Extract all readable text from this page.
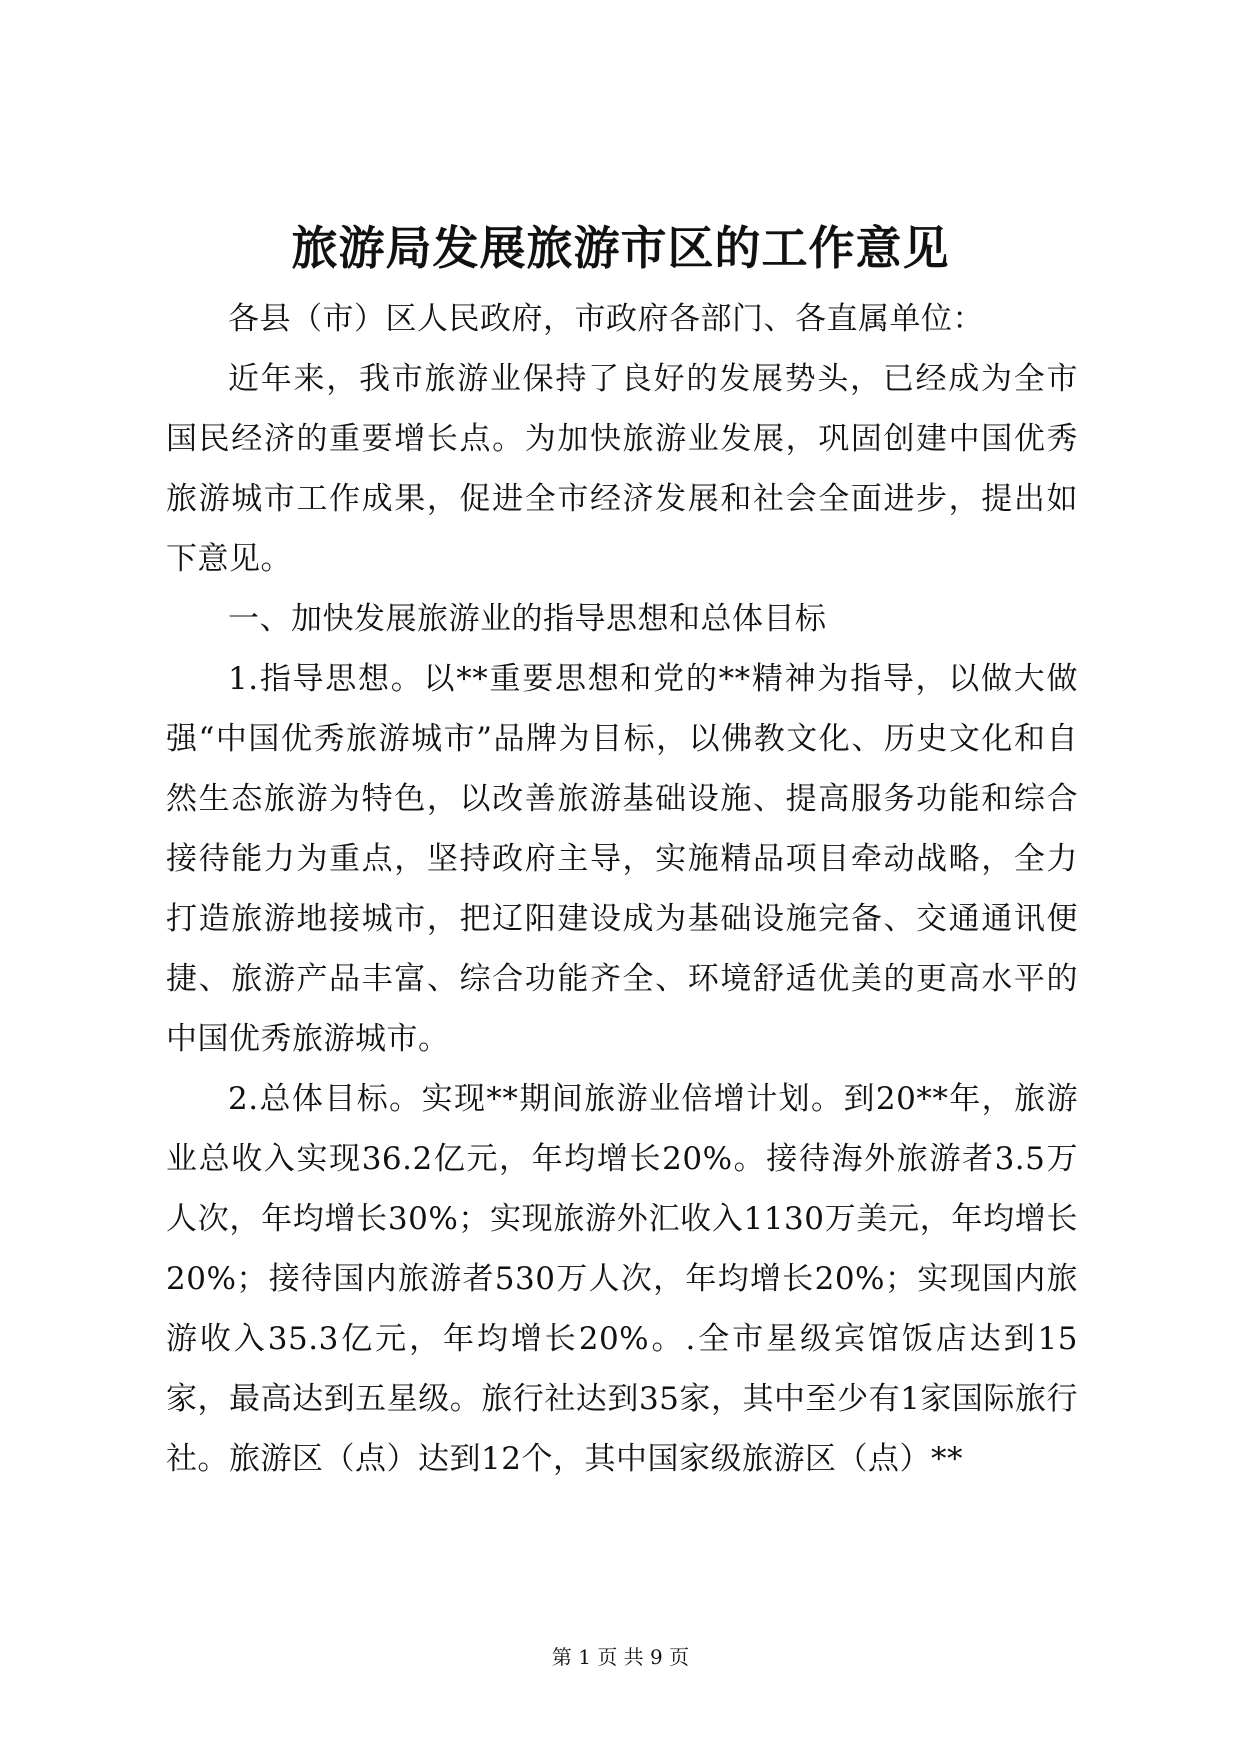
旅游局发展旅游市区的工作意见

各县（市）区人民政府，市政府各部门、各直属单位：

近年来，我市旅游业保持了良好的发展势头，已经成为全市国民经济的重要增长点。为加快旅游业发展，巩固创建中国优秀旅游城市工作成果，促进全市经济发展和社会全面进步，提出如下意见。

一、加快发展旅游业的指导思想和总体目标

1.指导思想。以**重要思想和党的**精神为指导，以做大做强“中国优秀旅游城市”品牌为目标，以佛教文化、历史文化和自然生态旅游为特色，以改善旅游基础设施、提高服务功能和综合接待能力为重点，坚持政府主导，实施精品项目牵动战略，全力打造旅游地接城市，把辽阳建设成为基础设施完备、交通通讯便捷、旅游产品丰富、综合功能齐全、环境舒适优美的更高水平的中国优秀旅游城市。

2.总体目标。实现**期间旅游业倍增计划。到20**年，旅游业总收入实现36.2亿元，年均增长20%。接待海外旅游者3.5万人次，年均增长30%；实现旅游外汇收入1130万美元，年均增长20%；接待国内旅游者530万人次，年均增长20%；实现国内旅游收入35.3亿元，年均增长20%。.全市星级宾馆饭店达到15家，最高达到五星级。旅行社达到35家，其中至少有1家国际旅行社。旅游区（点）达到12个，其中国家级旅游区（点）**

第 1 页 共 9 页
